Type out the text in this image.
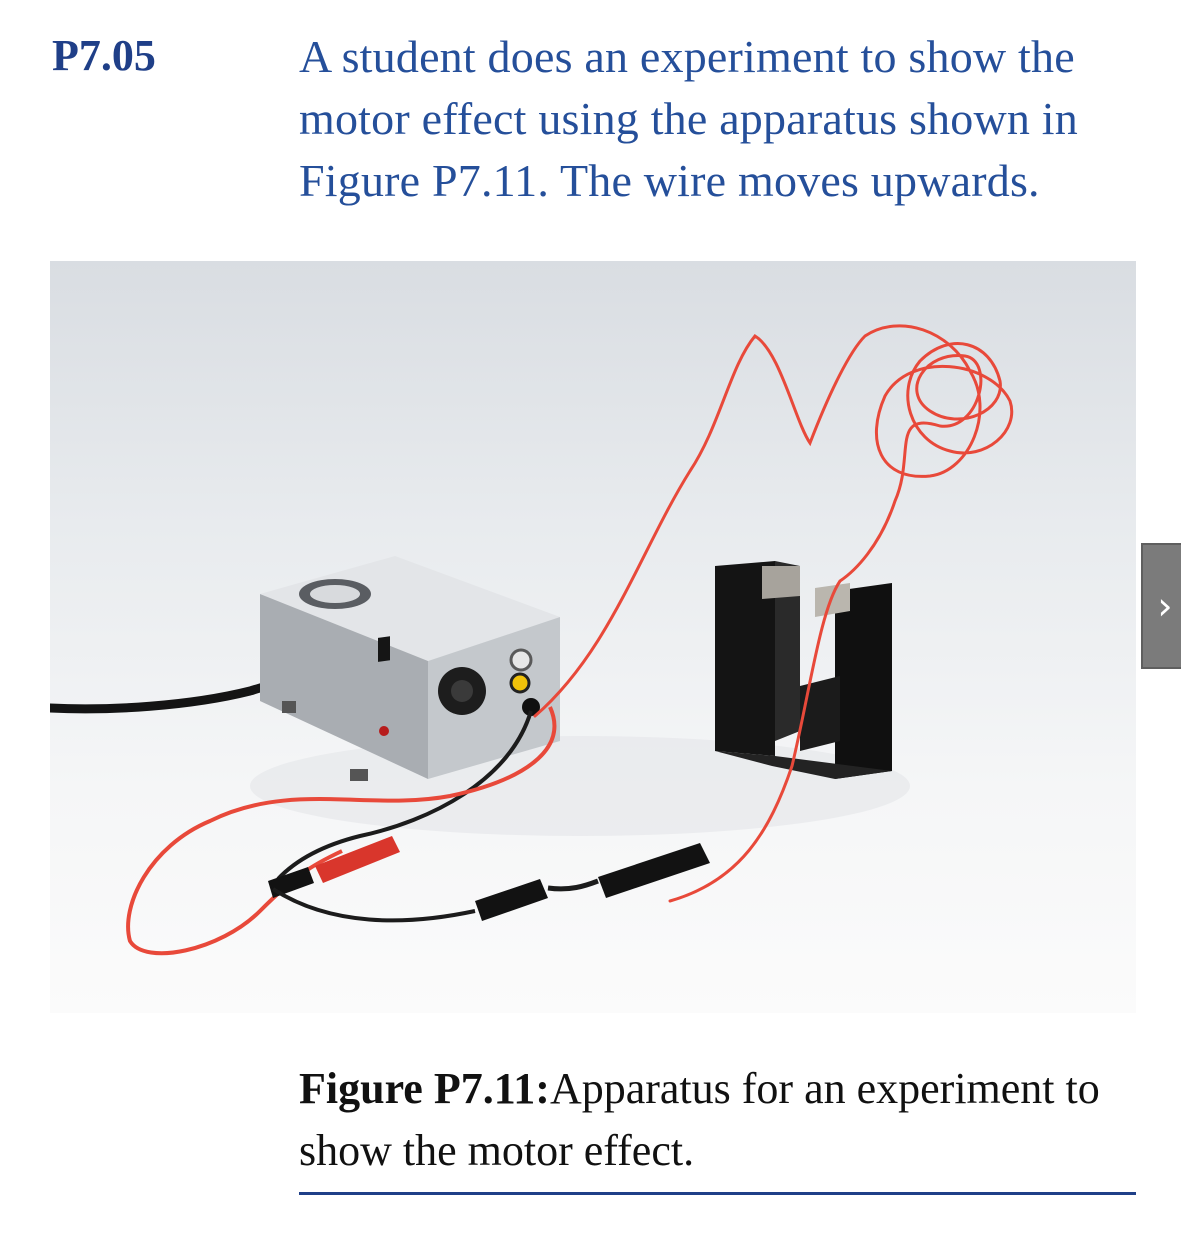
P7.05	A student does an experiment to show the motor effect using the apparatus shown in Figure P7.11. The wire moves upwards.
›
Figure P7.11:Apparatus for an experiment to show the motor effect.
